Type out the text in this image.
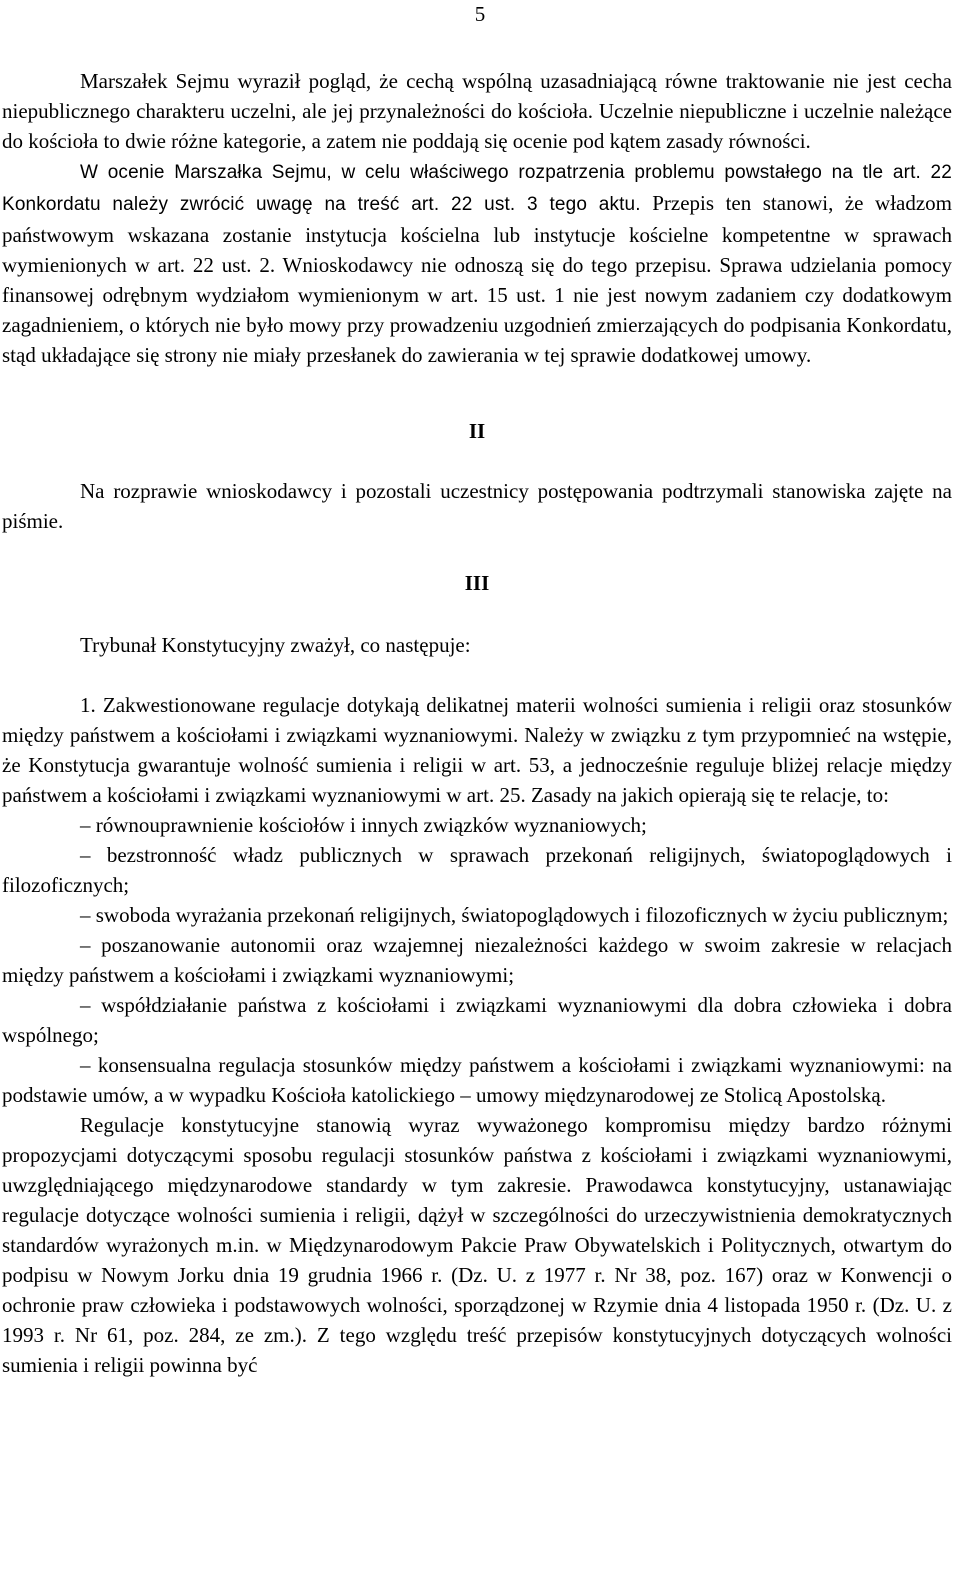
5

Marszałek Sejmu wyraził pogląd, że cechą wspólną uzasadniającą równe traktowanie nie jest cecha niepublicznego charakteru uczelni, ale jej przynależności do kościoła. Uczelnie niepubliczne i uczelnie należące do kościoła to dwie różne kategorie, a zatem nie poddają się ocenie pod kątem zasady równości.

W ocenie Marszałka Sejmu, w celu właściwego rozpatrzenia problemu powstałego na tle art. 22 Konkordatu należy zwrócić uwagę na treść art. 22 ust. 3 tego aktu. Przepis ten stanowi, że władzom państwowym wskazana zostanie instytucja kościelna lub instytucje kościelne kompetentne w sprawach wymienionych w art. 22 ust. 2. Wnioskodawcy nie odnoszą się do tego przepisu. Sprawa udzielania pomocy finansowej odrębnym wydziałom wymienionym w art. 15 ust. 1 nie jest nowym zadaniem czy dodatkowym zagadnieniem, o których nie było mowy przy prowadzeniu uzgodnień zmierzających do podpisania Konkordatu, stąd układające się strony nie miały przesłanek do zawierania w tej sprawie dodatkowej umowy.

II

Na rozprawie wnioskodawcy i pozostali uczestnicy postępowania podtrzymali stanowiska zajęte na piśmie.

III

Trybunał Konstytucyjny zważył, co następuje:

1. Zakwestionowane regulacje dotykają delikatnej materii wolności sumienia i religii oraz stosunków między państwem a kościołami i związkami wyznaniowymi. Należy w związku z tym przypomnieć na wstępie, że Konstytucja gwarantuje wolność sumienia i religii w art. 53, a jednocześnie reguluje bliżej relacje między państwem a kościołami i związkami wyznaniowymi w art. 25. Zasady na jakich opierają się te relacje, to:

– równouprawnienie kościołów i innych związków wyznaniowych;

– bezstronność władz publicznych w sprawach przekonań religijnych, światopoglądowych i filozoficznych;

– swoboda wyrażania przekonań religijnych, światopoglądowych i filozoficznych w życiu publicznym;

– poszanowanie autonomii oraz wzajemnej niezależności każdego w swoim zakresie w relacjach między państwem a kościołami i związkami wyznaniowymi;

– współdziałanie państwa z kościołami i związkami wyznaniowymi dla dobra człowieka i dobra wspólnego;

– konsensualna regulacja stosunków między państwem a kościołami i związkami wyznaniowymi: na podstawie umów, a w wypadku Kościoła katolickiego – umowy międzynarodowej ze Stolicą Apostolską.

Regulacje konstytucyjne stanowią wyraz wyważonego kompromisu między bardzo różnymi propozycjami dotyczącymi sposobu regulacji stosunków państwa z kościołami i związkami wyznaniowymi, uwzględniającego międzynarodowe standardy w tym zakresie. Prawodawca konstytucyjny, ustanawiając regulacje dotyczące wolności sumienia i religii, dążył w szczególności do urzeczywistnienia demokratycznych standardów wyrażonych m.in. w Międzynarodowym Pakcie Praw Obywatelskich i Politycznych, otwartym do podpisu w Nowym Jorku dnia 19 grudnia 1966 r. (Dz. U. z 1977 r. Nr 38, poz. 167) oraz w Konwencji o ochronie praw człowieka i podstawowych wolności, sporządzonej w Rzymie dnia 4 listopada 1950 r. (Dz. U. z 1993 r. Nr 61, poz. 284, ze zm.). Z tego względu treść przepisów konstytucyjnych dotyczących wolności sumienia i religii powinna być
